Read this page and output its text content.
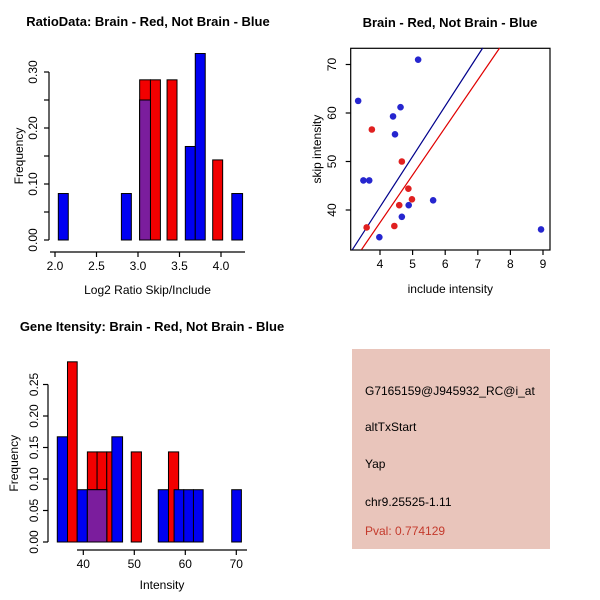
RatioData: Brain - Red, Not Brain - Blue
0.00
0.10
0.20
0.30
Frequency
2.0 2.5 3.0 3.5 4.0
Log2 Ratio Skip/Include
Brain - Red, Not Brain - Blue
4 5 6 7 8 9
40
50
60
70
include intensity
skip intensity
Gene Itensity: Brain - Red, Not Brain - Blue
0.00
0.05
0.10
0.15
0.20
0.25
Frequency
40	50	60	70
Intensity
G7165159@J945932_RC@i_at
altTxStart
Yap
chr9.25525-1.11
Pval: 0.774129
